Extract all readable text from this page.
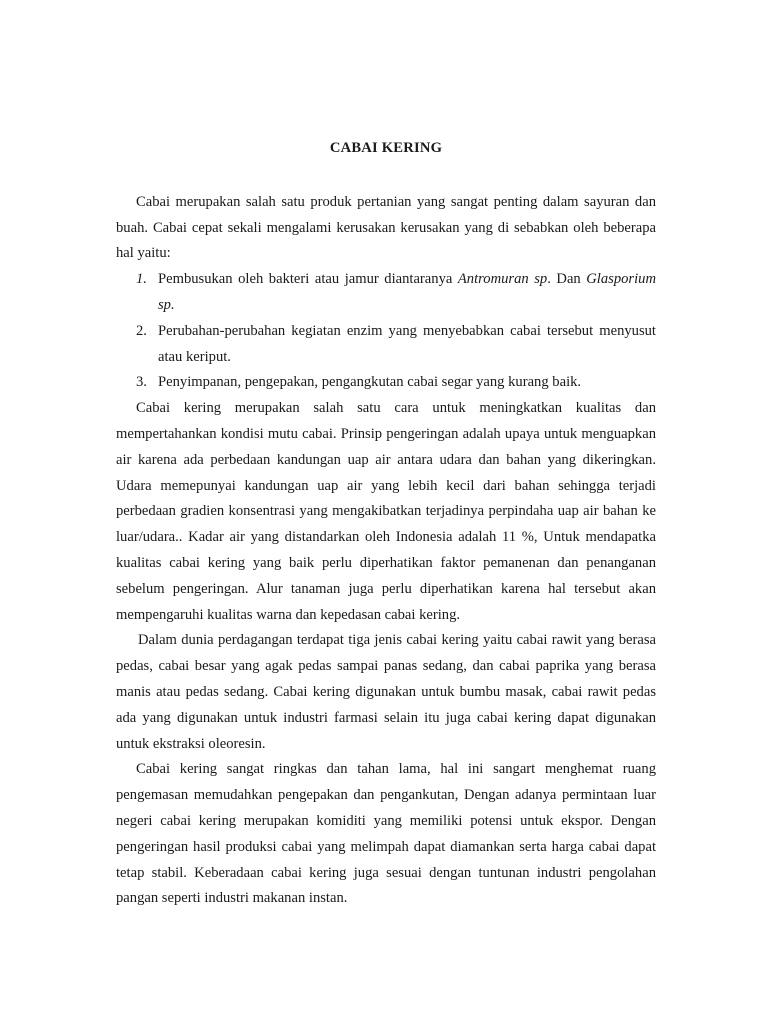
CABAI KERING

Cabai merupakan salah satu produk pertanian yang sangat penting dalam sayuran dan buah. Cabai cepat sekali mengalami kerusakan kerusakan yang di sebabkan oleh beberapa hal yaitu:

1. Pembusukan oleh bakteri atau jamur diantaranya Antromuran sp. Dan Glasporium sp.
2. Perubahan-perubahan kegiatan enzim yang menyebabkan cabai tersebut menyusut atau keriput.
3. Penyimpanan, pengepakan, pengangkutan cabai segar yang kurang baik.

Cabai kering merupakan salah satu cara untuk meningkatkan kualitas dan mempertahankan kondisi mutu cabai. Prinsip pengeringan adalah upaya untuk menguapkan air karena ada perbedaan kandungan uap air antara udara dan bahan yang dikeringkan. Udara memepunyai kandungan uap air yang lebih kecil dari bahan sehingga terjadi perbedaan gradien konsentrasi yang mengakibatkan terjadinya perpindaha uap air bahan ke luar/udara.. Kadar air yang distandarkan oleh Indonesia adalah 11 %, Untuk mendapatka kualitas cabai kering yang baik perlu diperhatikan faktor pemanenan dan penanganan sebelum pengeringan. Alur tanaman juga perlu diperhatikan karena hal tersebut akan mempengaruhi kualitas warna dan kepedasan cabai kering.

Dalam dunia perdagangan terdapat tiga jenis cabai kering yaitu cabai rawit yang berasa pedas, cabai besar yang agak pedas sampai panas sedang, dan cabai paprika yang berasa manis atau pedas sedang. Cabai kering digunakan untuk bumbu masak, cabai rawit pedas ada yang digunakan untuk industri farmasi selain itu juga cabai kering dapat digunakan untuk ekstraksi oleoresin.

Cabai kering sangat ringkas dan tahan lama, hal ini sangart menghemat ruang pengemasan memudahkan pengepakan dan pengankutan, Dengan adanya permintaan luar negeri cabai kering merupakan komiditi yang memiliki potensi untuk ekspor. Dengan pengeringan hasil produksi cabai yang melimpah dapat diamankan serta harga cabai dapat tetap stabil. Keberadaan cabai kering juga sesuai dengan tuntunan industri pengolahan pangan seperti industri makanan instan.
